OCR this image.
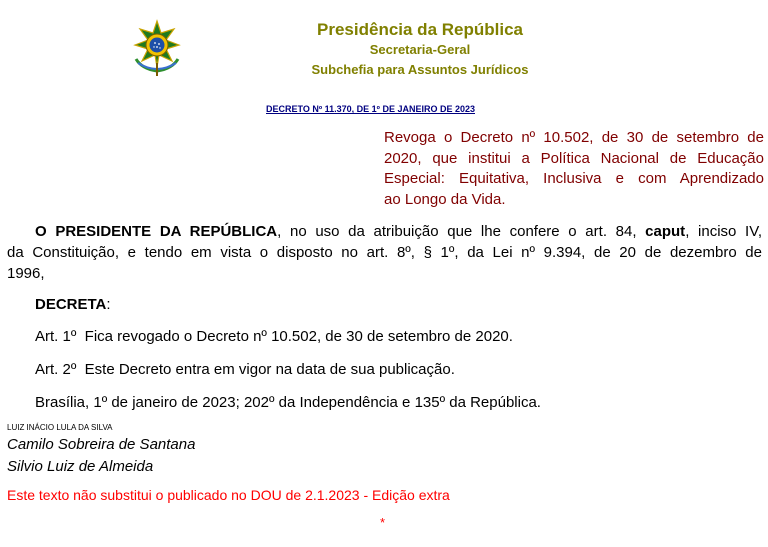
Presidência da República
Secretaria-Geral
Subchefia para Assuntos Jurídicos
DECRETO Nº 11.370, DE 1º DE JANEIRO DE 2023
Revoga o Decreto nº 10.502, de 30 de setembro de
2020, que institui a Política Nacional de Educação
Especial: Equitativa, Inclusiva e com Aprendizado
ao Longo da Vida.
O PRESIDENTE DA REPÚBLICA, no uso da atribuição que lhe confere o art. 84, caput, inciso IV,
da Constituição, e tendo em vista o disposto no art. 8º, § 1º, da Lei nº 9.394, de 20 de dezembro de
1996,
DECRETA:
Art. 1º  Fica revogado o Decreto nº 10.502, de 30 de setembro de 2020.
Art. 2º  Este Decreto entra em vigor na data de sua publicação.
Brasília, 1º de janeiro de 2023; 202º da Independência e 135º da República.
LUIZ INÁCIO LULA DA SILVA
Camilo Sobreira de Santana
Silvio Luiz de Almeida
Este texto não substitui o publicado no DOU de 2.1.2023 - Edição extra
*
